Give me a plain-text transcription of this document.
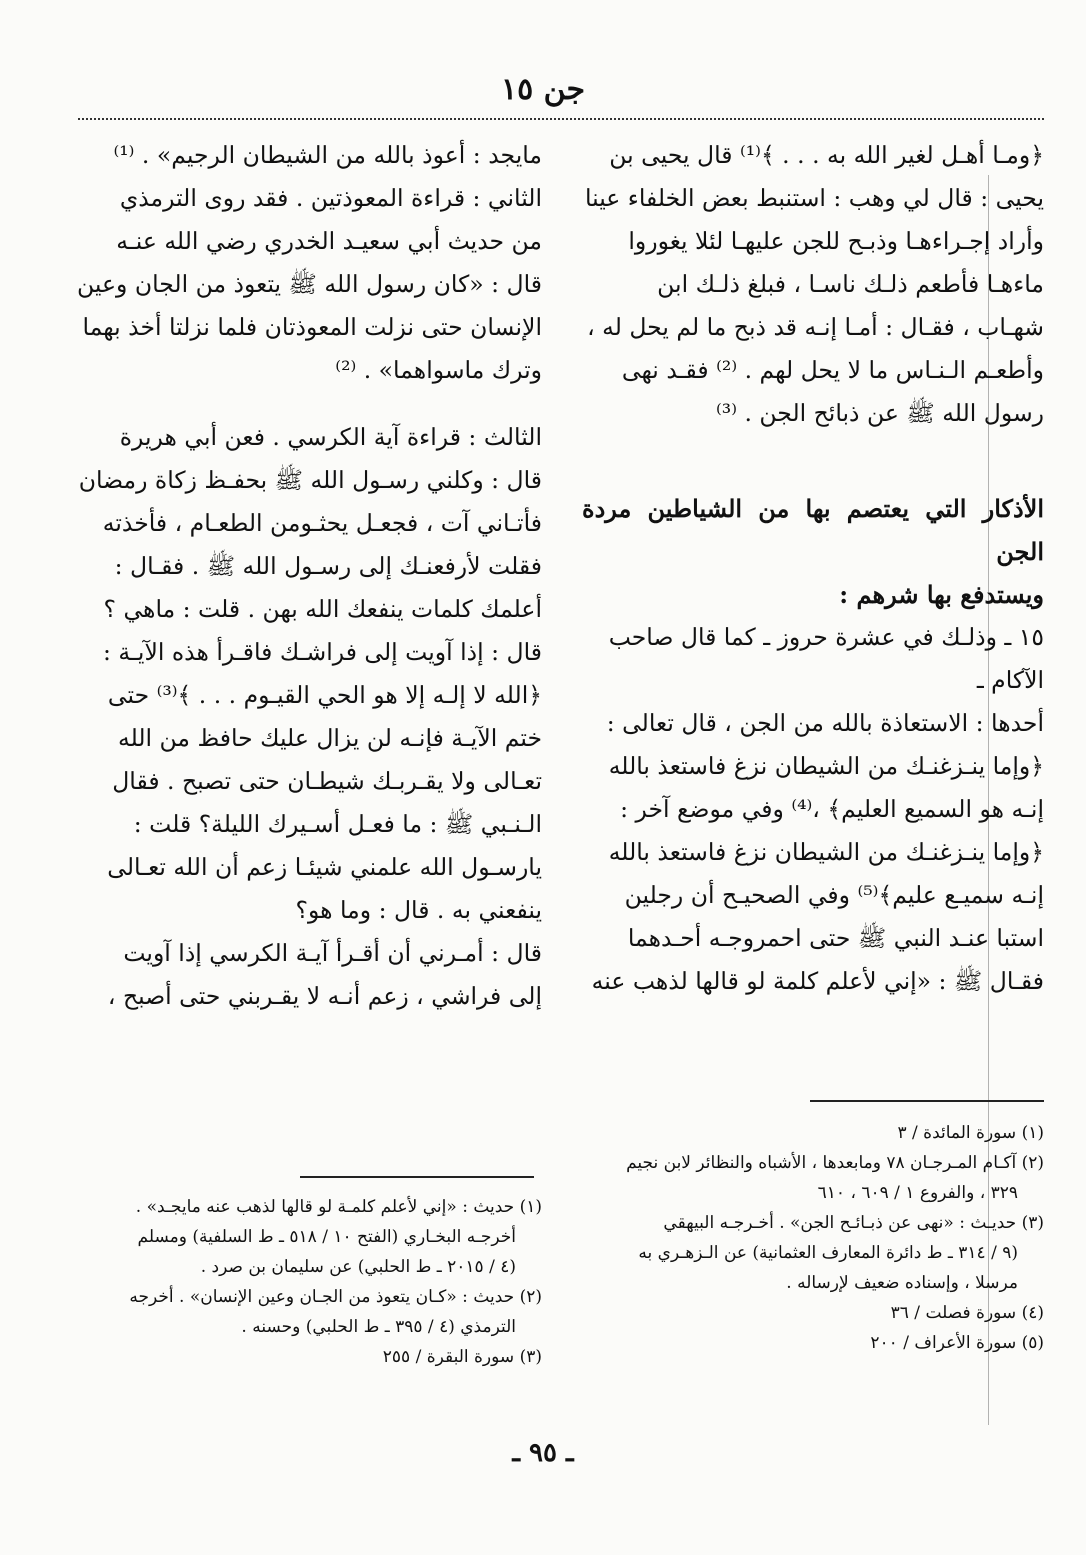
جن ١٥

﴿ومـا أهـل لغير الله به . . . ﴾⁽¹⁾ قال يحيى بن

يحيى : قال لي وهب : استنبط بعض الخلفاء عينا

وأراد إجـراءهـا وذبـح للجن عليهـا لئلا يغوروا

ماءهـا فأطعم ذلـك ناسـا ، فبلغ ذلـك ابن

شهـاب ، فقـال : أمـا إنـه قد ذبح ما لم يحل له ،

وأطعـم الـنـاس ما لا يحل لهم . ⁽²⁾ فقـد نهى

رسول الله ﷺ عن ذبائح الجن . ⁽³⁾

الأذكار التي يعتصم بها من الشياطين مردة الجن

ويستدفع بها شرهم :

١٥ ـ وذلـك في عشرة حروز ـ كما قال صاحب

الآكام ـ

أحدها : الاستعاذة بالله من الجن ، قال تعالى :

﴿وإما ينـزغنـك من الشيطان نزغ فاستعذ بالله

إنـه هو السميع العليم﴾ ،⁽⁴⁾ وفي موضع آخر :

﴿وإما ينـزغنـك من الشيطان نزغ فاستعذ بالله

إنـه سميـع عليم﴾⁽⁵⁾ وفي الصحيـح أن رجلين

استبا عنـد النبي ﷺ حتى احمروجـه أحـدهما

فقـال ﷺ : «إني لأعلم كلمة لو قالها لذهب عنه

مايجد : أعوذ بالله من الشيطان الرجيم» . ⁽¹⁾

الثاني : قراءة المعوذتين . فقد روى الترمذي

من حديث أبي سعيـد الخدري رضي الله عنـه

قال : «كان رسول الله ﷺ يتعوذ من الجان وعين

الإنسان حتى نزلت المعوذتان فلما نزلتا أخذ بهما

وترك ماسواهما» . ⁽²⁾

الثالث : قراءة آية الكرسي . فعن أبي هريرة

قال : وكلني رسـول الله ﷺ بحفـظ زكاة رمضان

فأتـاني آت ، فجعـل يحثـومن الطعـام ، فأخذته

فقلت لأرفعنـك إلى رسـول الله ﷺ . فقـال :

أعلمك كلمات ينفعك الله بهن . قلت : ماهي ؟

قال : إذا آويت إلى فراشـك فاقـرأ هذه الآيـة :

﴿الله لا إلـه إلا هو الحي القيـوم . . . ﴾⁽³⁾ حتى

ختم الآيـة فإنـه لن يزال عليك حافظ من الله

تعـالى ولا يقـربـك شيطـان حتى تصبح . فقال

الـنـبي ﷺ : ما فعـل أسـيرك الليلة؟ قلت :

يارسـول الله علمني شيئـا زعم أن الله تعـالى

ينفعني به . قال : وما هو؟

قال : أمـرني أن أقـرأ آيـة الكرسي إذا آويت

إلى فراشي ، زعم أنـه لا يقـربني حتى أصبح ،

(١) سورة المائدة / ٣

(٢) آكـام المـرجـان ٧٨ ومابعدها ، الأشباه والنظائر لابن نجيم

٣٢٩ ، والفروع ١ / ٦٠٩ ، ٦١٠

(٣) حديـث : «نهى عن ذبـائـح الجن» . أخـرجـه البيهقي

(٩ / ٣١٤ ـ ط دائرة المعارف العثمانية) عن الـزهـري به

مرسلا ، وإسناده ضعيف لإرساله .

(٤) سورة فصلت / ٣٦

(٥) سورة الأعراف / ٢٠٠

(١) حديث : «إني لأعلم كلمـة لو قالها لذهب عنه مايجـد» .

أخرجـه البخـاري (الفتح ١٠ / ٥١٨ ـ ط السلفية) ومسلم

(٤ / ٢٠١٥ ـ ط الحلبي) عن سليمان بن صرد .

(٢) حديث : «كـان يتعوذ من الجـان وعين الإنسان» . أخرجه

الترمذي (٤ / ٣٩٥ ـ ط الحلبي) وحسنه .

(٣) سورة البقرة / ٢٥٥

ـ ٩٥ ـ
